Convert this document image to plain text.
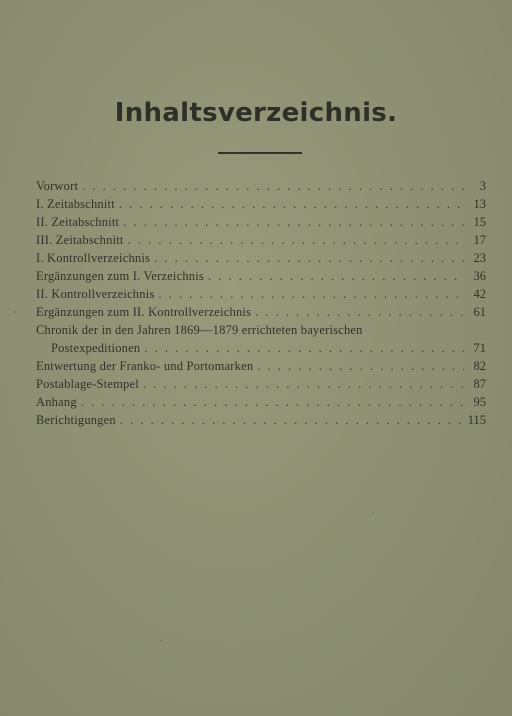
Inhaltsverzeichnis.
Vorwort . . .	3
I. Zeitabschnitt . . .	13
II. Zeitabschnitt . . .	15
III. Zeitabschnitt . . .	17
I. Kontrollverzeichnis . . .	23
Ergänzungen zum I. Verzeichnis . . .	36
II. Kontrollverzeichnis . . .	42
Ergänzungen zum II. Kontrollverzeichnis . . .	61
Chronik der in den Jahren 1869—1879 errichteten bayerischen
Postexpeditionen . . .	71
Entwertung der Franko- und Portomarken . . .	82
Postablage-Stempel . . .	87
Anhang . . .	95
Berichtigungen . . .	115
